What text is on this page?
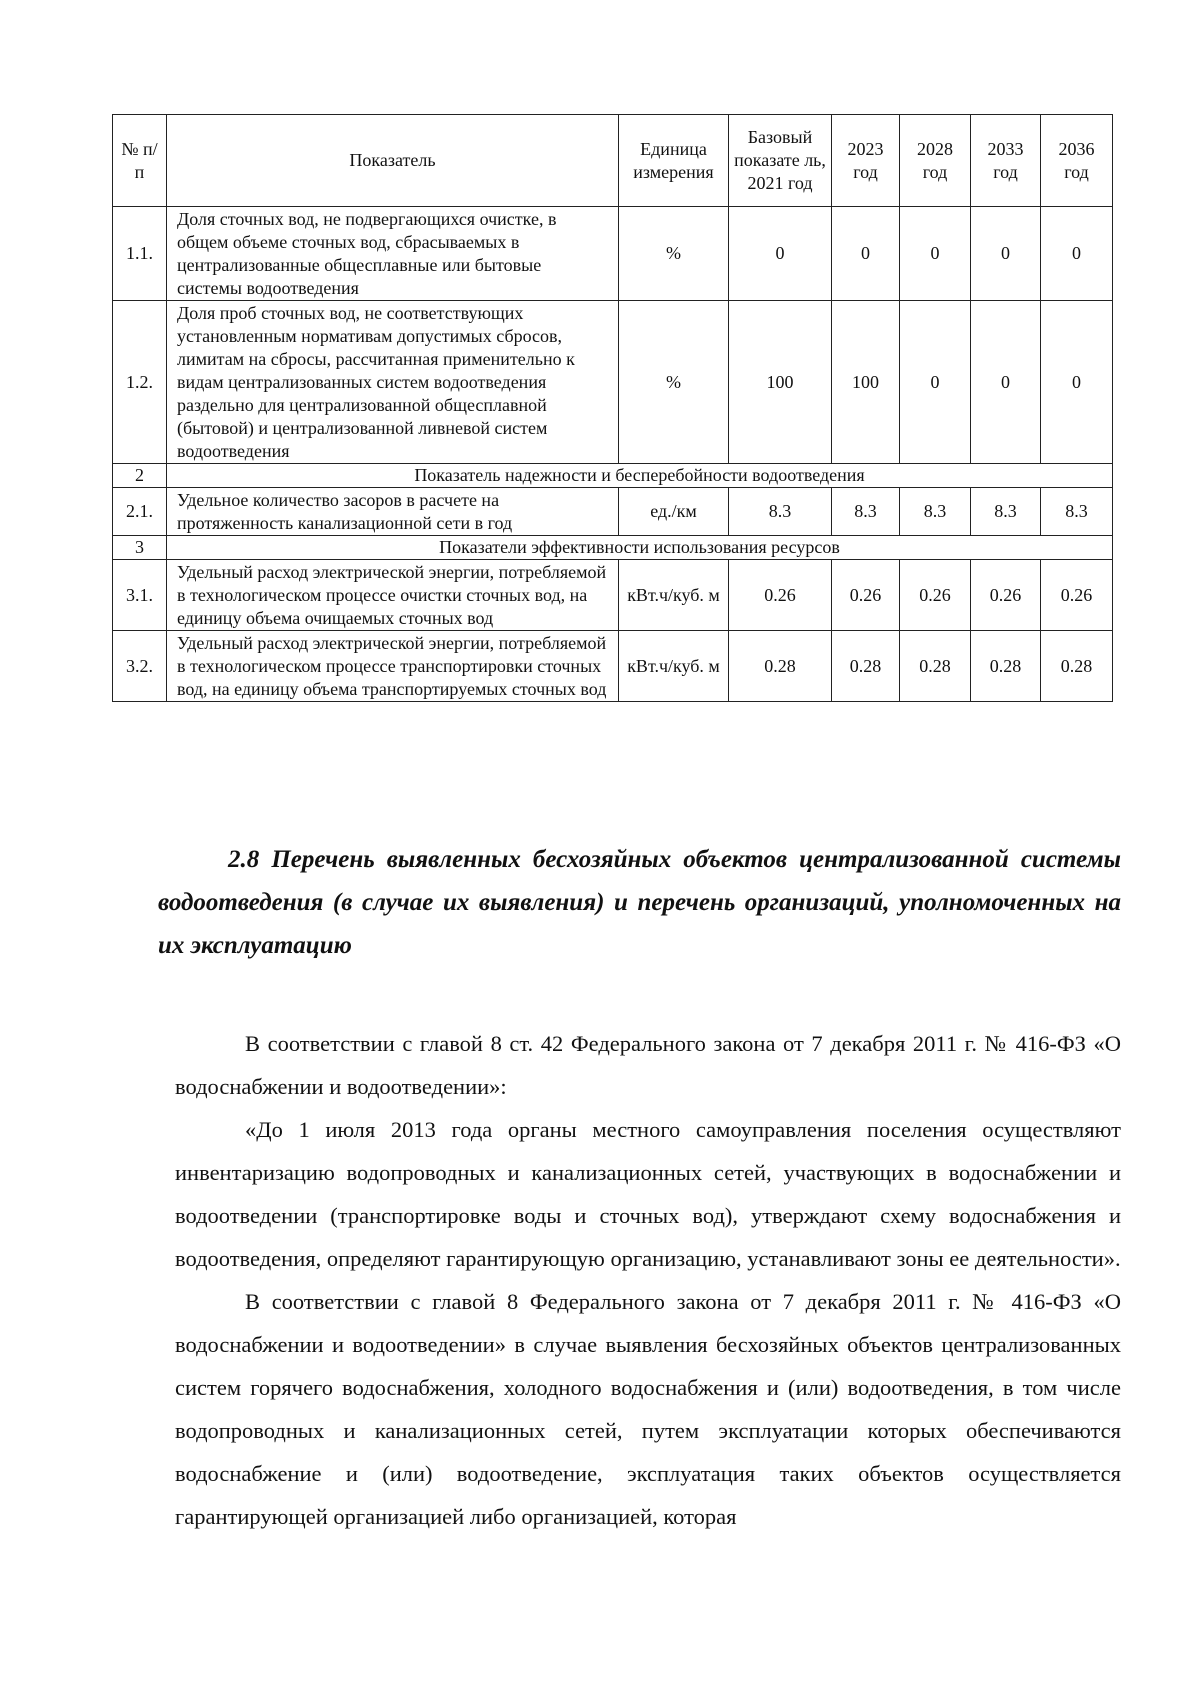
№ п/п	Показатель	Единица измерения	Базовый показате ль, 2021 год	2023 год	2028 год	2033 год	2036 год
1.1.	Доля сточных вод, не подвергающихся очистке, в общем объеме сточных вод, сбрасываемых в централизованные общесплавные или бытовые системы водоотведения	%	0	0	0	0	0
1.2.	Доля проб сточных вод, не соответствующих установленным нормативам допустимых сбросов, лимитам на сбросы, рассчитанная применительно к видам централизованных систем водоотведения раздельно для централизованной общесплавной (бытовой) и централизованной ливневой систем водоотведения	%	100	100	0	0	0
2	Показатель надежности и бесперебойности водоотведения						
2.1.	Удельное количество засоров в расчете на протяженность канализационной сети в год	ед./км	8.3	8.3	8.3	8.3	8.3
3	Показатели эффективности использования ресурсов						
3.1.	Удельный расход электрической энергии, потребляемой в технологическом процессе очистки сточных вод, на единицу объема очищаемых сточных вод	кВт.ч/куб. м	0.26	0.26	0.26	0.26	0.26
3.2.	Удельный расход электрической энергии, потребляемой в технологическом процессе транспортировки сточных вод, на единицу объема транспортируемых сточных вод	кВт.ч/куб. м	0.28	0.28	0.28	0.28	0.28
2.8 Перечень выявленных бесхозяйных объектов централизованной системы водоотведения (в случае их выявления) и перечень организаций, уполномоченных на их эксплуатацию

В соответствии с главой 8 ст. 42 Федерального закона от 7 декабря 2011 г. № 416-ФЗ «О водоснабжении и водоотведении»:

«До 1 июля 2013 года органы местного самоуправления поселения осуществляют инвентаризацию водопроводных и канализационных сетей, участвующих в водоснабжении и водоотведении (транспортировке воды и сточных вод), утверждают схему водоснабжения и водоотведения, определяют гарантирующую организацию, устанавливают зоны ее деятельности».

В соответствии с главой 8 Федерального закона от 7 декабря 2011 г. № 416-ФЗ «О водоснабжении и водоотведении» в случае выявления бесхозяйных объектов централизованных систем горячего водоснабжения, холодного водоснабжения и (или) водоотведения, в том числе водопроводных и канализационных сетей, путем эксплуатации которых обеспечиваются водоснабжение и (или) водоотведение, эксплуатация таких объектов осуществляется гарантирующей организацией либо организацией, которая
